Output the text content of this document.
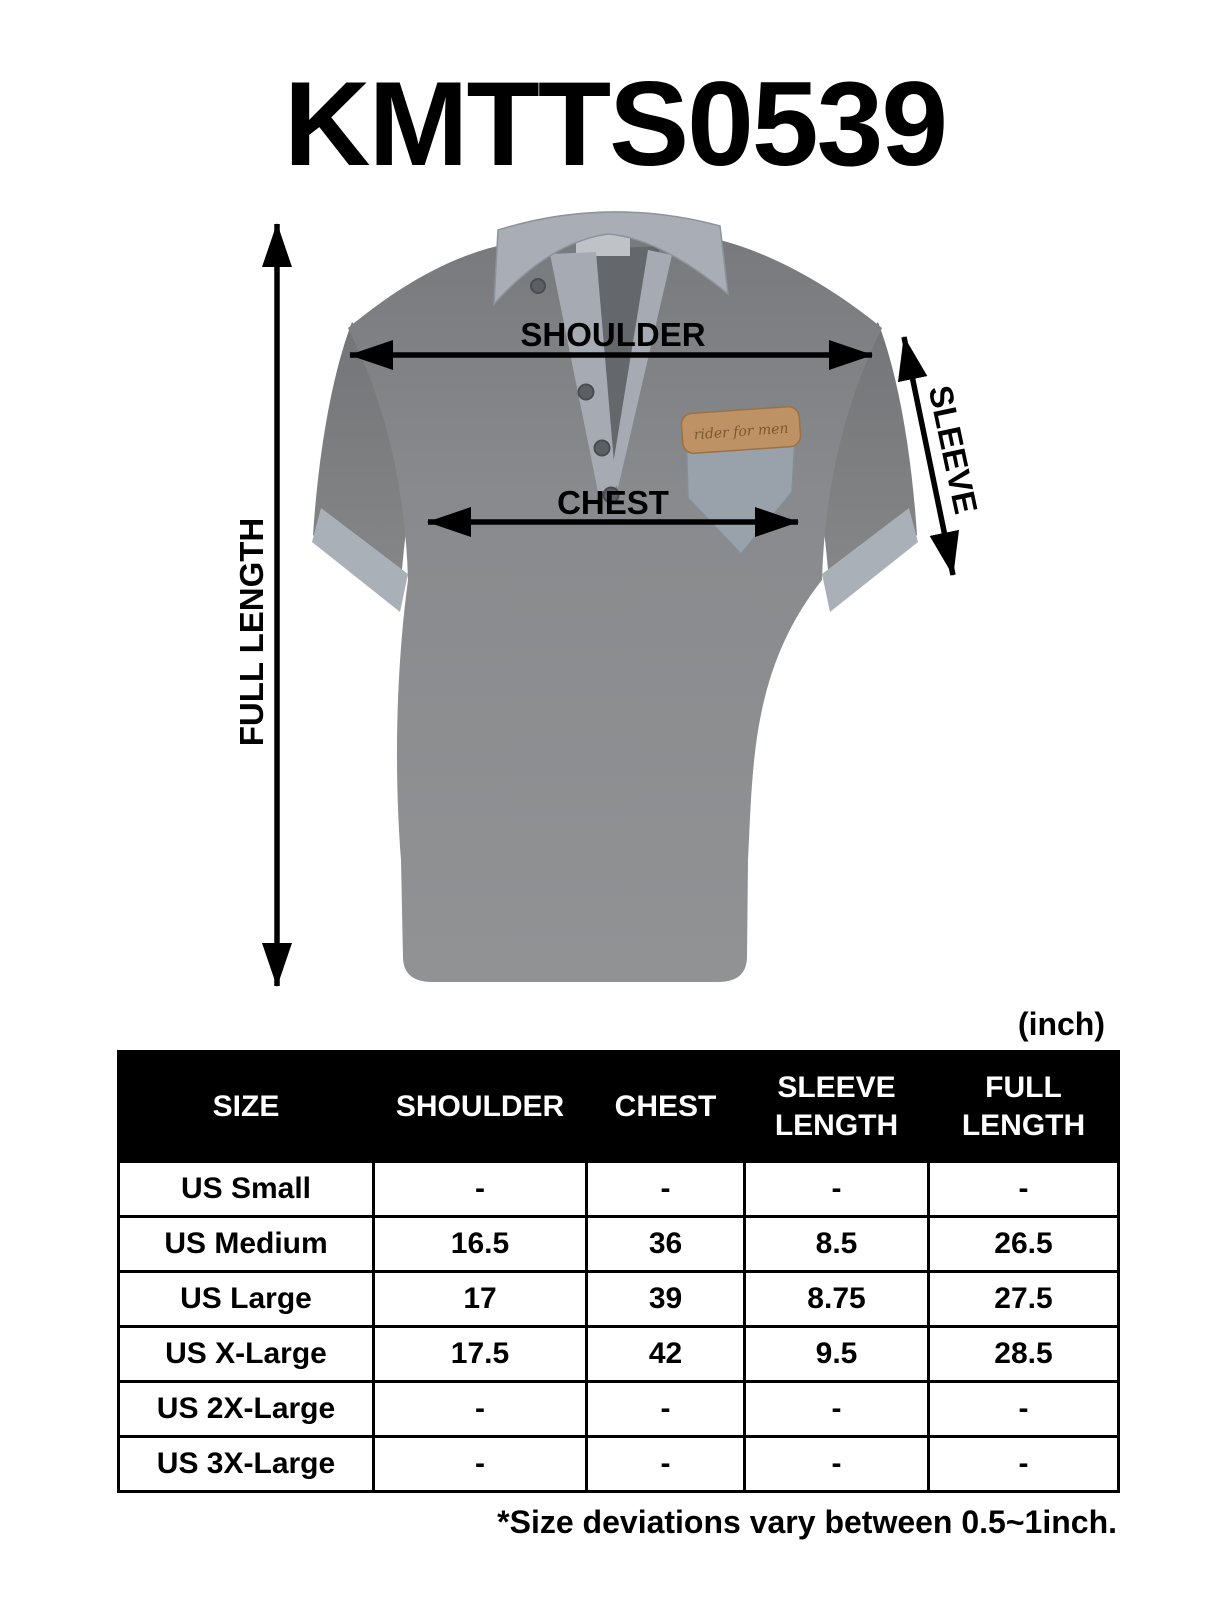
KMTTS0539
rider for men
SHOULDER
CHEST
FULL LENGTH
SLEEVE
(inch)
SIZE	SHOULDER	CHEST	SLEEVE LENGTH	FULL LENGTH
US Small	-	-	-	-
US Medium	16.5	36	8.5	26.5
US Large	17	39	8.75	27.5
US X-Large	17.5	42	9.5	28.5
US 2X-Large	-	-	-	-
US 3X-Large	-	-	-	-
*Size deviations vary between 0.5~1inch.
